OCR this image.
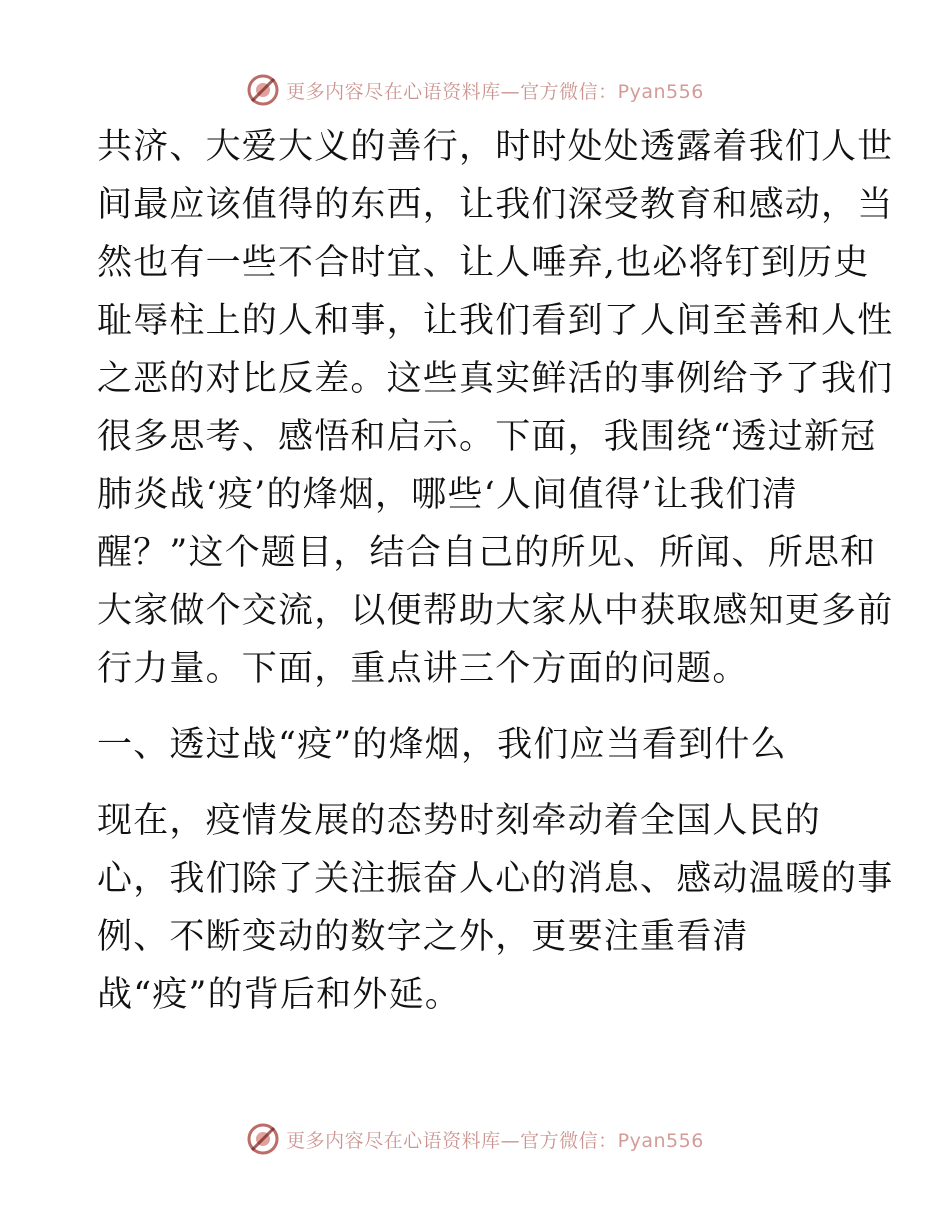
更多内容尽在心语资料库—官方微信：Pyan556
共济、大爱大义的善行，时时处处透露着我们人世
间最应该值得的东西，让我们深受教育和感动，当
然也有一些不合时宜、让人唾弃,也必将钉到历史
耻辱柱上的人和事，让我们看到了人间至善和人性
之恶的对比反差。这些真实鲜活的事例给予了我们
很多思考、感悟和启示。下面，我围绕“透过新冠
肺炎战‘疫’的烽烟，哪些‘人间值得’让我们清
醒？”这个题目，结合自己的所见、所闻、所思和
大家做个交流，以便帮助大家从中获取感知更多前
行力量。下面，重点讲三个方面的问题。
一、透过战“疫”的烽烟，我们应当看到什么
现在，疫情发展的态势时刻牵动着全国人民的
心，我们除了关注振奋人心的消息、感动温暖的事
例、不断变动的数字之外，更要注重看清
战“疫”的背后和外延。
更多内容尽在心语资料库—官方微信：Pyan556
